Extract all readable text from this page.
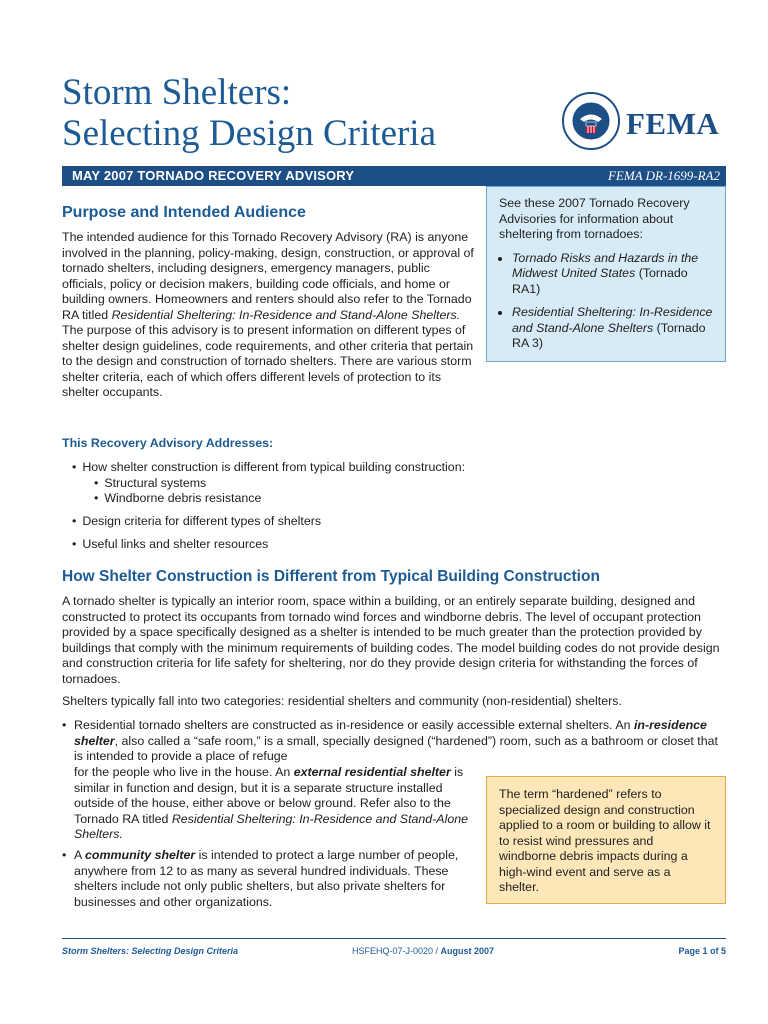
Storm Shelters:
Selecting Design Criteria	FEMA
MAY 2007 TORNADO RECOVERY ADVISORY	FEMA DR-1699-RA2
Purpose and Intended Audience

The intended audience for this Tornado Recovery Advisory (RA) is anyone involved in the planning, policy-making, design, construction, or approval of tornado shelters, including designers, emergency managers, public officials, policy or decision makers, building code officials, and home or building owners. Homeowners and renters should also refer to the Tornado RA titled Residential Sheltering: In-Residence and Stand-Alone Shelters. The purpose of this advisory is to present information on different types of shelter design guidelines, code requirements, and other criteria that pertain to the design and construction of tornado shelters. There are various storm shelter criteria, each of which offers different levels of protection to its shelter occupants.

See these 2007 Tornado Recovery Advisories for information about sheltering from tornadoes:
• Tornado Risks and Hazards in the Midwest United States (Tornado RA1)
• Residential Sheltering: In-Residence and Stand-Alone Shelters (Tornado RA 3)
This Recovery Advisory Addresses:
• How shelter construction is different from typical building construction:
• Structural systems
• Windborne debris resistance
• Design criteria for different types of shelters
• Useful links and shelter resources
How Shelter Construction is Different from Typical Building Construction

A tornado shelter is typically an interior room, space within a building, or an entirely separate building, designed and constructed to protect its occupants from tornado wind forces and windborne debris. The level of occupant protection provided by a space specifically designed as a shelter is intended to be much greater than the protection provided by buildings that comply with the minimum requirements of building codes. The model building codes do not provide design and construction criteria for life safety for sheltering, nor do they provide design criteria for withstanding the forces of tornadoes.

Shelters typically fall into two categories: residential shelters and community (non-residential) shelters.

• Residential tornado shelters are constructed as in-residence or easily accessible external shelters. An in-residence shelter, also called a “safe room,” is a small, specially designed (“hardened”) room, such as a bathroom or closet that is intended to provide a place of refuge
for the people who live in the house. An external residential shelter is similar in function and design, but it is a separate structure installed outside of the house, either above or below ground. Refer also to the Tornado RA titled Residential Sheltering: In-Residence and Stand-Alone Shelters.
• A community shelter is intended to protect a large number of people, anywhere from 12 to as many as several hundred individuals. These shelters include not only public shelters, but also private shelters for businesses and other organizations.
The term “hardened” refers to specialized design and construction applied to a room or building to allow it to resist wind pressures and windborne debris impacts during a high-wind event and serve as a shelter.
Storm Shelters: Selecting Design Criteria	HSFEHQ-07-J-0020 / August 2007	Page 1 of 5
